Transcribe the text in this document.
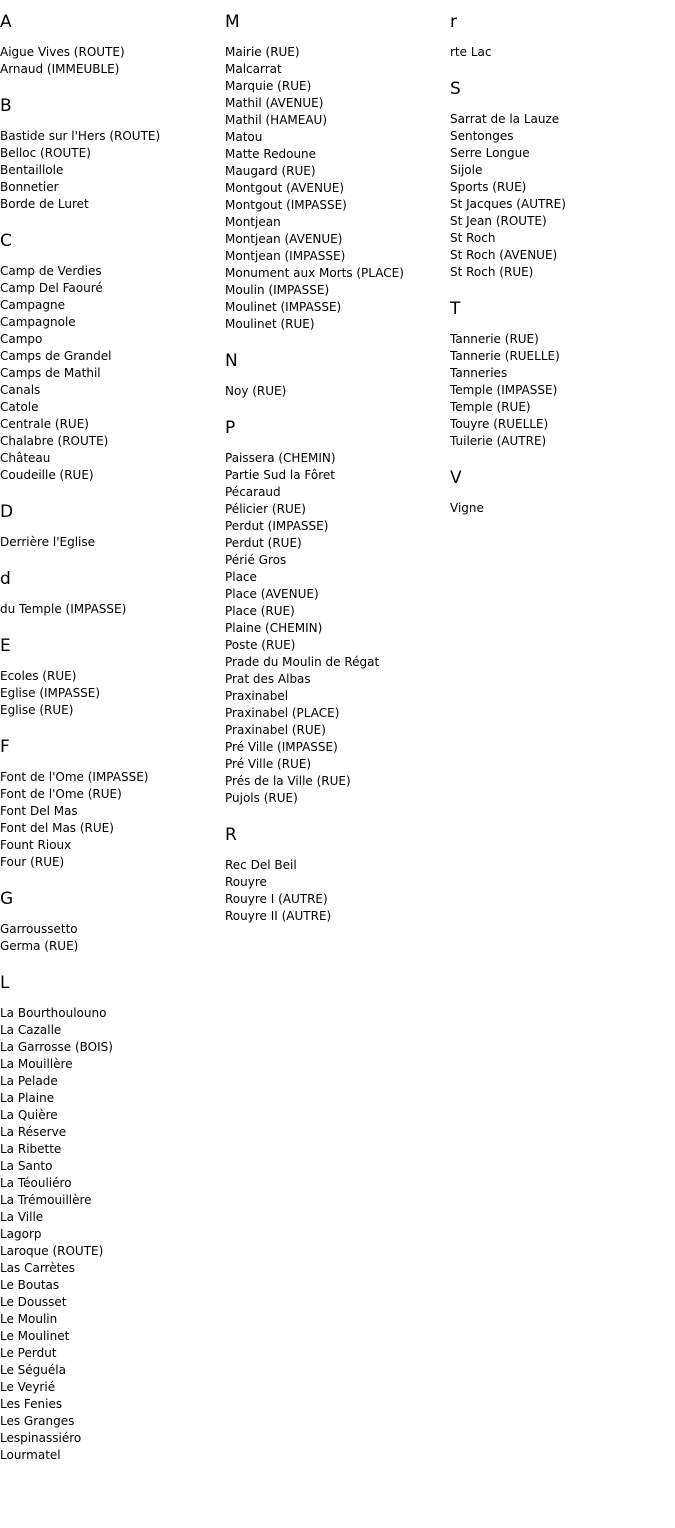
A
Aigue Vives (ROUTE)
Arnaud (IMMEUBLE)
B
Bastide sur l'Hers (ROUTE)
Belloc (ROUTE)
Bentaillole
Bonnetier
Borde de Luret
C
Camp de Verdies
Camp Del Faouré
Campagne
Campagnole
Campo
Camps de Grandel
Camps de Mathil
Canals
Catole
Centrale (RUE)
Chalabre (ROUTE)
Château
Coudeille (RUE)
D
Derrière l'Eglise
d
du Temple (IMPASSE)
E
Ecoles (RUE)
Eglise (IMPASSE)
Eglise (RUE)
F
Font de l'Ome (IMPASSE)
Font de l'Ome (RUE)
Font Del Mas
Font del Mas (RUE)
Fount Rioux
Four (RUE)
G
Garroussetto
Germa (RUE)
L
La Bourthoulouno
La Cazalle
La Garrosse (BOIS)
La Mouillère
La Pelade
La Plaine
La Quière
La Réserve
La Ribette
La Santo
La Téouliéro
La Trémouillère
La Ville
Lagorp
Laroque (ROUTE)
Las Carrètes
Le Boutas
Le Dousset
Le Moulin
Le Moulinet
Le Perdut
Le Séguéla
Le Veyrié
Les Fenies
Les Granges
Lespinassiéro
Lourmatel
M
Mairie (RUE)
Malcarrat
Marquie (RUE)
Mathil (AVENUE)
Mathil (HAMEAU)
Matou
Matte Redoune
Maugard (RUE)
Montgout (AVENUE)
Montgout (IMPASSE)
Montjean
Montjean (AVENUE)
Montjean (IMPASSE)
Monument aux Morts (PLACE)
Moulin (IMPASSE)
Moulinet (IMPASSE)
Moulinet (RUE)
N
Noy (RUE)
P
Paissera (CHEMIN)
Partie Sud la Fôret
Pécaraud
Pélicier (RUE)
Perdut (IMPASSE)
Perdut (RUE)
Périé Gros
Place
Place (AVENUE)
Place (RUE)
Plaine (CHEMIN)
Poste (RUE)
Prade du Moulin de Régat
Prat des Albas
Praxinabel
Praxinabel (PLACE)
Praxinabel (RUE)
Pré Ville (IMPASSE)
Pré Ville (RUE)
Prés de la Ville (RUE)
Pujols (RUE)
R
Rec Del Beil
Rouyre
Rouyre I (AUTRE)
Rouyre II (AUTRE)
r
rte Lac
S
Sarrat de la Lauze
Sentonges
Serre Longue
Sijole
Sports (RUE)
St Jacques (AUTRE)
St Jean (ROUTE)
St Roch
St Roch (AVENUE)
St Roch (RUE)
T
Tannerie (RUE)
Tannerie (RUELLE)
Tanneries
Temple (IMPASSE)
Temple (RUE)
Touyre (RUELLE)
Tuilerie (AUTRE)
V
Vigne
